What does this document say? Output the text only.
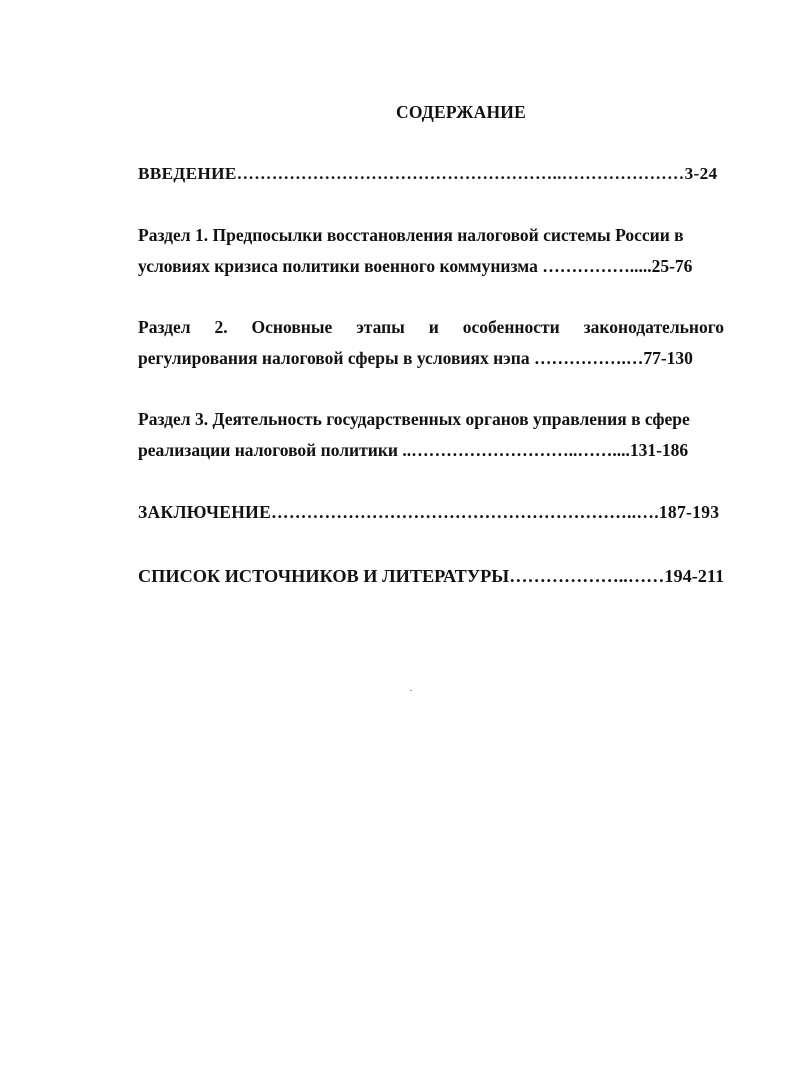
СОДЕРЖАНИЕ
ВВЕДЕНИЕ………………………………………………..…………………3-24
Раздел 1. Предпосылки восстановления налоговой системы России в
условиях кризиса политики военного коммунизма …………….....25-76
Раздел 2. Основные этапы и особенности законодательного
регулирования налоговой сферы в условиях нэпа …………….…77-130
Раздел 3. Деятельность государственных органов управления в сфере
реализации налоговой политики ..………………………..……....131-186
ЗАКЛЮЧЕНИЕ……………………………………………………..….187-193
СПИСОК ИСТОЧНИКОВ И ЛИТЕРАТУРЫ………………..……194-211
